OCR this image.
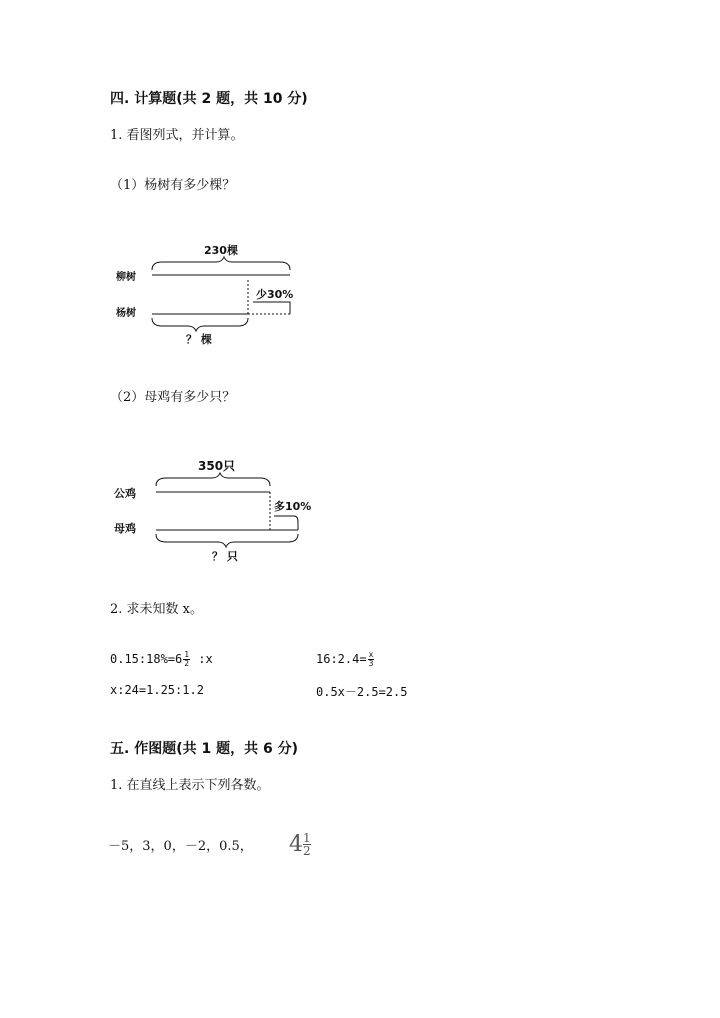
四. 计算题(共 2 题，共 10 分)
1. 看图列式，并计算。
（1）杨树有多少棵？
230棵
柳树
少30%
杨树
？ 棵
（2）母鸡有多少只？
350只
公鸡
多10%
母鸡
？ 只
2. 求未知数 x。
0.15:18%=6 $\frac{1}{2}$ :x	16:2.4= $\frac{x}{3}$
x:24=1.25:1.2	0.5x－2.5=2.5
五. 作图题(共 1 题，共 6 分)
1. 在直线上表示下列各数。
－5，3，0，－2，0.5， $4 \frac{1}{2}$
